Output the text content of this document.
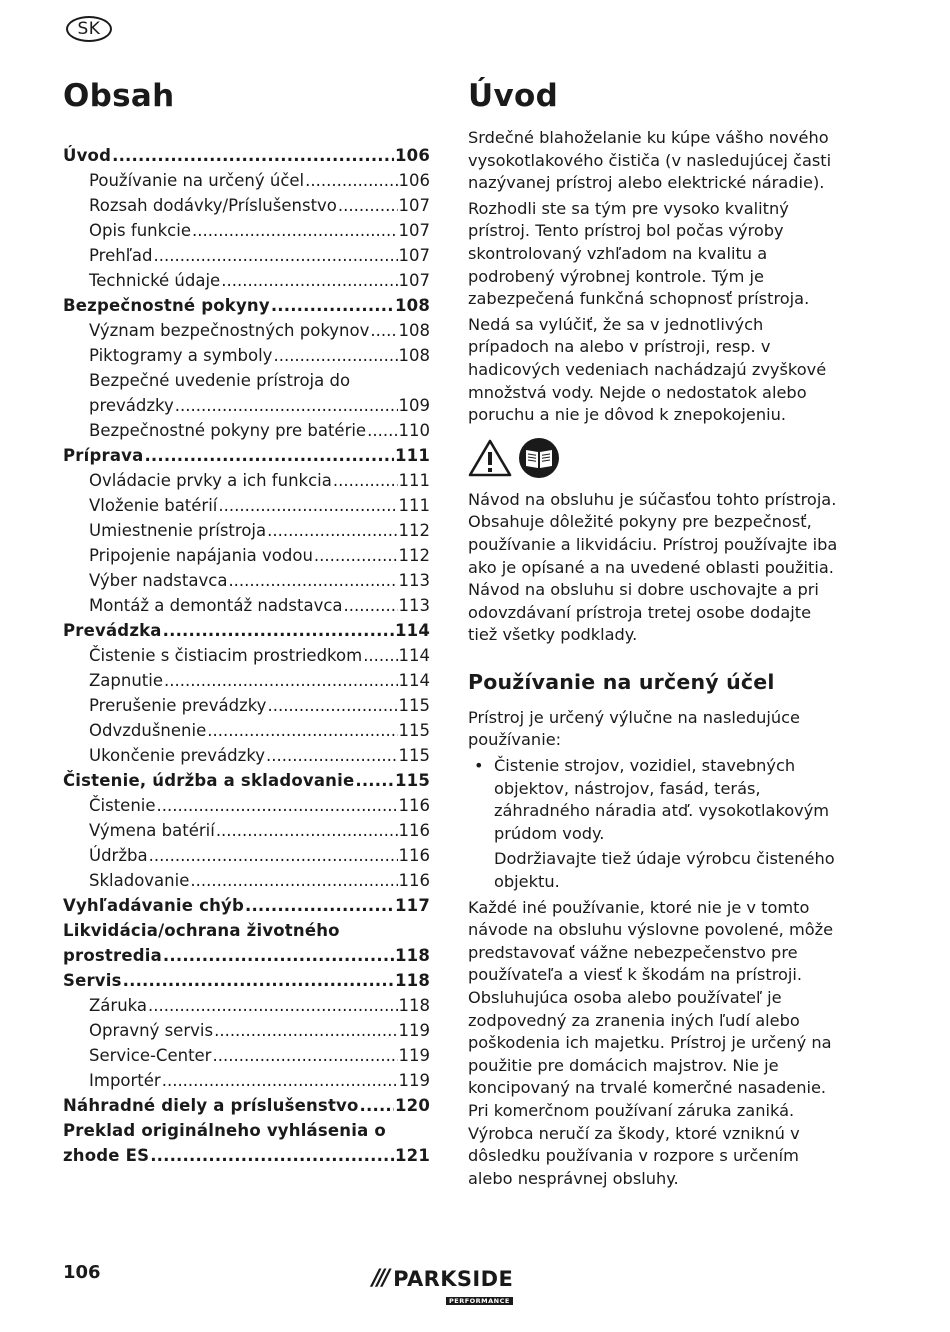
SK
Obsah	Úvod
Úvod .....	106
Používanie na určený účel .....	106
Rozsah dodávky/Príslušenstvo .....	107
Opis funkcie .....	107
Prehľad .....	107
Technické údaje .....	107
Bezpečnostné pokyny .....	108
Význam bezpečnostných pokynov ..... 108
Piktogramy a symboly .....	108
Bezpečné uvedenie prístroja do
prevádzky .....	109
Bezpečnostné pokyny pre batérie ..... 110
Príprava .....	111
Ovládacie prvky a ich funkcia .....	111
Vloženie batérií .....	111
Umiestnenie prístroja .....	112
Pripojenie napájania vodou .....	112
Výber nadstavca .....	113
Montáž a demontáž nadstavca .....	113
Prevádzka .....	114
Čistenie s čistiacim prostriedkom ..... 114
Zapnutie .....	114
Prerušenie prevádzky .....	115
Odvzdušnenie .....	115
Ukončenie prevádzky .....	115
Čistenie, údržba a skladovanie ..... 115
Čistenie .....	116
Výmena batérií .....	116
Údržba .....	116
Skladovanie .....	116
Vyhľadávanie chýb .....	117
Likvidácia/ochrana životného
prostredia .....	118
Servis .....	118
Záruka .....	118
Opravný servis .....	119
Service-Center .....	119
Importér .....	119
Náhradné diely a príslušenstvo ..... 120
Preklad originálneho vyhlásenia o
zhode ES .....	121

Srdečné blahoželanie ku kúpe vášho nového vysokotlakového čističa (v nasledujúcej časti nazývanej prístroj alebo elektrické náradie).

Rozhodli ste sa tým pre vysoko kvalitný prístroj. Tento prístroj bol počas výroby skontrolovaný vzhľadom na kvalitu a podrobený výrobnej kontrole. Tým je zabezpečená funkčná schopnosť prístroja.

Nedá sa vylúčiť, že sa v jednotlivých prípadoch na alebo v prístroji, resp. v hadicových vedeniach nachádzajú zvyškové množstvá vody. Nejde o nedostatok alebo poruchu a nie je dôvod k znepokojeniu.

Návod na obsluhu je súčasťou tohto prístroja. Obsahuje dôležité pokyny pre bezpečnosť, používanie a likvidáciu. Prístroj používajte iba ako je opísané a na uvedené oblasti použitia. Návod na obsluhu si dobre uschovajte a pri odovzdávaní prístroja tretej osobe dodajte tiež všetky podklady.

Používanie na určený účel

Prístroj je určený výlučne na nasledujúce používanie:

• Čistenie strojov, vozidiel, stavebných objektov, nástrojov, fasád, terás, záhradného náradia atď. vysokotlakovým prúdom vody.

Dodržiavajte tiež údaje výrobcu čisteného objektu.

Každé iné používanie, ktoré nie je v tomto návode na obsluhu výslovne povolené, môže predstavovať vážne nebezpečenstvo pre používateľa a viesť k škodám na prístroji. Obsluhujúca osoba alebo používateľ je zodpovedný za zranenia iných ľudí alebo poškodenia ich majetku. Prístroj je určený na použitie pre domácich majstrov. Nie je koncipovaný na trvalé komerčné nasadenie. Pri komerčnom používaní záruka zaniká. Výrobca neručí za škody, ktoré vzniknú v dôsledku používania v rozpore s určením alebo nesprávnej obsluhy.

106	/// PARKSIDE
PERFORMANCE
